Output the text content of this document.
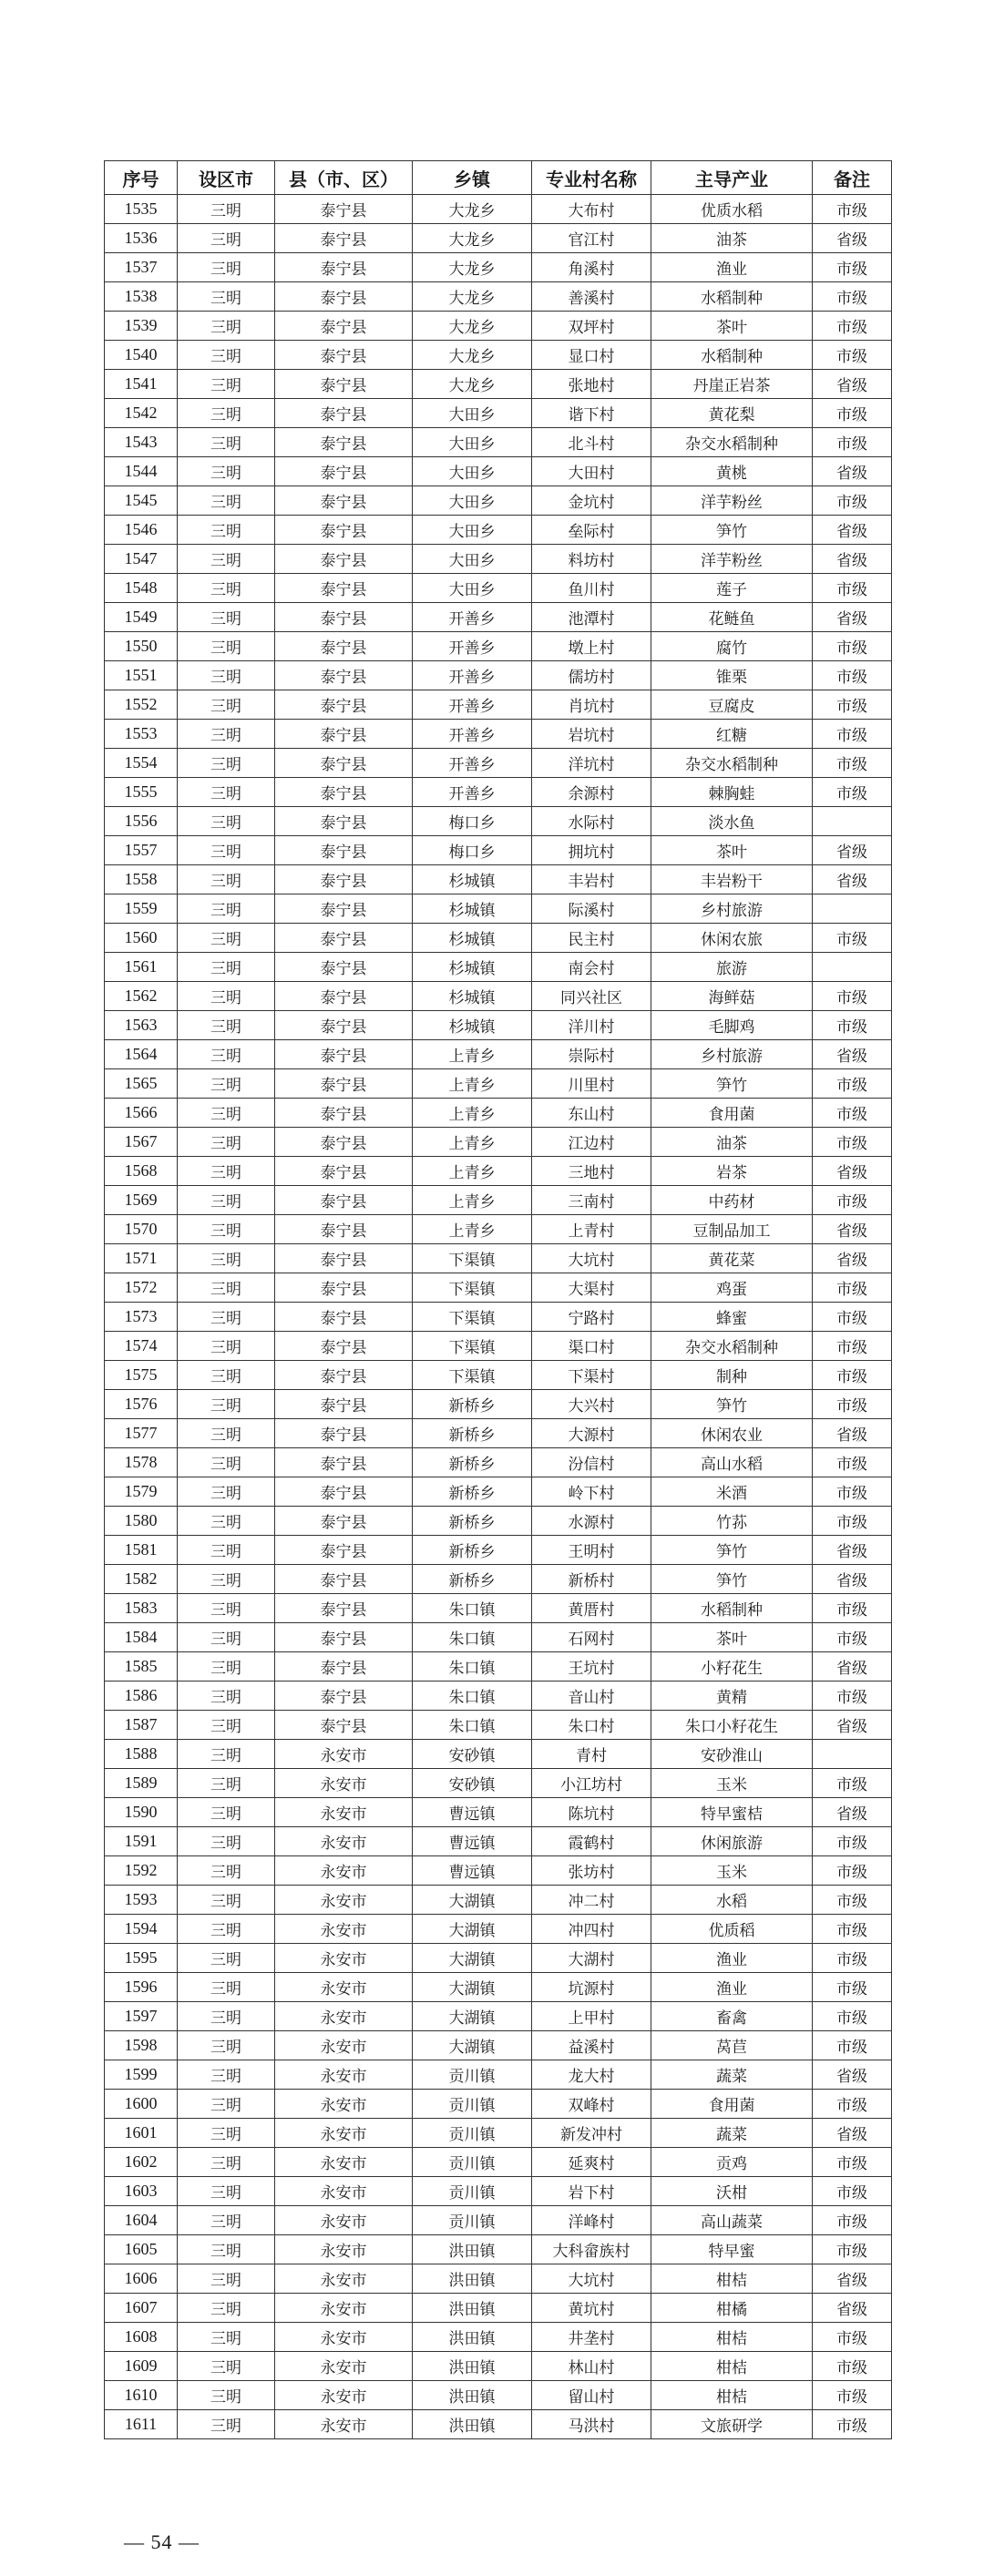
序号	设区市	县（市、区）	乡镇	专业村名称	主导产业	备注
1535	三明	泰宁县	大龙乡	大布村	优质水稻	市级
1536	三明	泰宁县	大龙乡	官江村	油茶	省级
1537	三明	泰宁县	大龙乡	角溪村	渔业	市级
1538	三明	泰宁县	大龙乡	善溪村	水稻制种	市级
1539	三明	泰宁县	大龙乡	双坪村	茶叶	市级
1540	三明	泰宁县	大龙乡	显口村	水稻制种	市级
1541	三明	泰宁县	大龙乡	张地村	丹崖正岩茶	省级
1542	三明	泰宁县	大田乡	谐下村	黄花梨	市级
1543	三明	泰宁县	大田乡	北斗村	杂交水稻制种	市级
1544	三明	泰宁县	大田乡	大田村	黄桃	省级
1545	三明	泰宁县	大田乡	金坑村	洋芋粉丝	市级
1546	三明	泰宁县	大田乡	垒际村	笋竹	省级
1547	三明	泰宁县	大田乡	料坊村	洋芋粉丝	省级
1548	三明	泰宁县	大田乡	鱼川村	莲子	市级
1549	三明	泰宁县	开善乡	池潭村	花鲢鱼	省级
1550	三明	泰宁县	开善乡	墩上村	腐竹	市级
1551	三明	泰宁县	开善乡	儒坊村	锥栗	市级
1552	三明	泰宁县	开善乡	肖坑村	豆腐皮	市级
1553	三明	泰宁县	开善乡	岩坑村	红糖	市级
1554	三明	泰宁县	开善乡	洋坑村	杂交水稻制种	市级
1555	三明	泰宁县	开善乡	余源村	棘胸蛙	市级
1556	三明	泰宁县	梅口乡	水际村	淡水鱼	
1557	三明	泰宁县	梅口乡	拥坑村	茶叶	省级
1558	三明	泰宁县	杉城镇	丰岩村	丰岩粉干	省级
1559	三明	泰宁县	杉城镇	际溪村	乡村旅游	
1560	三明	泰宁县	杉城镇	民主村	休闲农旅	市级
1561	三明	泰宁县	杉城镇	南会村	旅游	
1562	三明	泰宁县	杉城镇	同兴社区	海鲜菇	市级
1563	三明	泰宁县	杉城镇	洋川村	毛脚鸡	市级
1564	三明	泰宁县	上青乡	崇际村	乡村旅游	省级
1565	三明	泰宁县	上青乡	川里村	笋竹	市级
1566	三明	泰宁县	上青乡	东山村	食用菌	市级
1567	三明	泰宁县	上青乡	江边村	油茶	市级
1568	三明	泰宁县	上青乡	三地村	岩茶	省级
1569	三明	泰宁县	上青乡	三南村	中药材	市级
1570	三明	泰宁县	上青乡	上青村	豆制品加工	省级
1571	三明	泰宁县	下渠镇	大坑村	黄花菜	省级
1572	三明	泰宁县	下渠镇	大渠村	鸡蛋	市级
1573	三明	泰宁县	下渠镇	宁路村	蜂蜜	市级
1574	三明	泰宁县	下渠镇	渠口村	杂交水稻制种	市级
1575	三明	泰宁县	下渠镇	下渠村	制种	市级
1576	三明	泰宁县	新桥乡	大兴村	笋竹	市级
1577	三明	泰宁县	新桥乡	大源村	休闲农业	省级
1578	三明	泰宁县	新桥乡	汾信村	高山水稻	市级
1579	三明	泰宁县	新桥乡	岭下村	米酒	市级
1580	三明	泰宁县	新桥乡	水源村	竹荪	市级
1581	三明	泰宁县	新桥乡	王明村	笋竹	省级
1582	三明	泰宁县	新桥乡	新桥村	笋竹	省级
1583	三明	泰宁县	朱口镇	黄厝村	水稻制种	市级
1584	三明	泰宁县	朱口镇	石网村	茶叶	市级
1585	三明	泰宁县	朱口镇	王坑村	小籽花生	省级
1586	三明	泰宁县	朱口镇	音山村	黄精	市级
1587	三明	泰宁县	朱口镇	朱口村	朱口小籽花生	省级
1588	三明	永安市	安砂镇	青村	安砂淮山	
1589	三明	永安市	安砂镇	小江坊村	玉米	市级
1590	三明	永安市	曹远镇	陈坑村	特早蜜桔	省级
1591	三明	永安市	曹远镇	霞鹤村	休闲旅游	市级
1592	三明	永安市	曹远镇	张坊村	玉米	市级
1593	三明	永安市	大湖镇	冲二村	水稻	市级
1594	三明	永安市	大湖镇	冲四村	优质稻	市级
1595	三明	永安市	大湖镇	大湖村	渔业	市级
1596	三明	永安市	大湖镇	坑源村	渔业	市级
1597	三明	永安市	大湖镇	上甲村	畜禽	市级
1598	三明	永安市	大湖镇	益溪村	莴苣	市级
1599	三明	永安市	贡川镇	龙大村	蔬菜	省级
1600	三明	永安市	贡川镇	双峰村	食用菌	市级
1601	三明	永安市	贡川镇	新发冲村	蔬菜	省级
1602	三明	永安市	贡川镇	延爽村	贡鸡	市级
1603	三明	永安市	贡川镇	岩下村	沃柑	市级
1604	三明	永安市	贡川镇	洋峰村	高山蔬菜	市级
1605	三明	永安市	洪田镇	大科畲族村	特早蜜	市级
1606	三明	永安市	洪田镇	大坑村	柑桔	省级
1607	三明	永安市	洪田镇	黄坑村	柑橘	省级
1608	三明	永安市	洪田镇	井垄村	柑桔	市级
1609	三明	永安市	洪田镇	林山村	柑桔	市级
1610	三明	永安市	洪田镇	留山村	柑桔	市级
1611	三明	永安市	洪田镇	马洪村	文旅研学	市级
— 54 —
